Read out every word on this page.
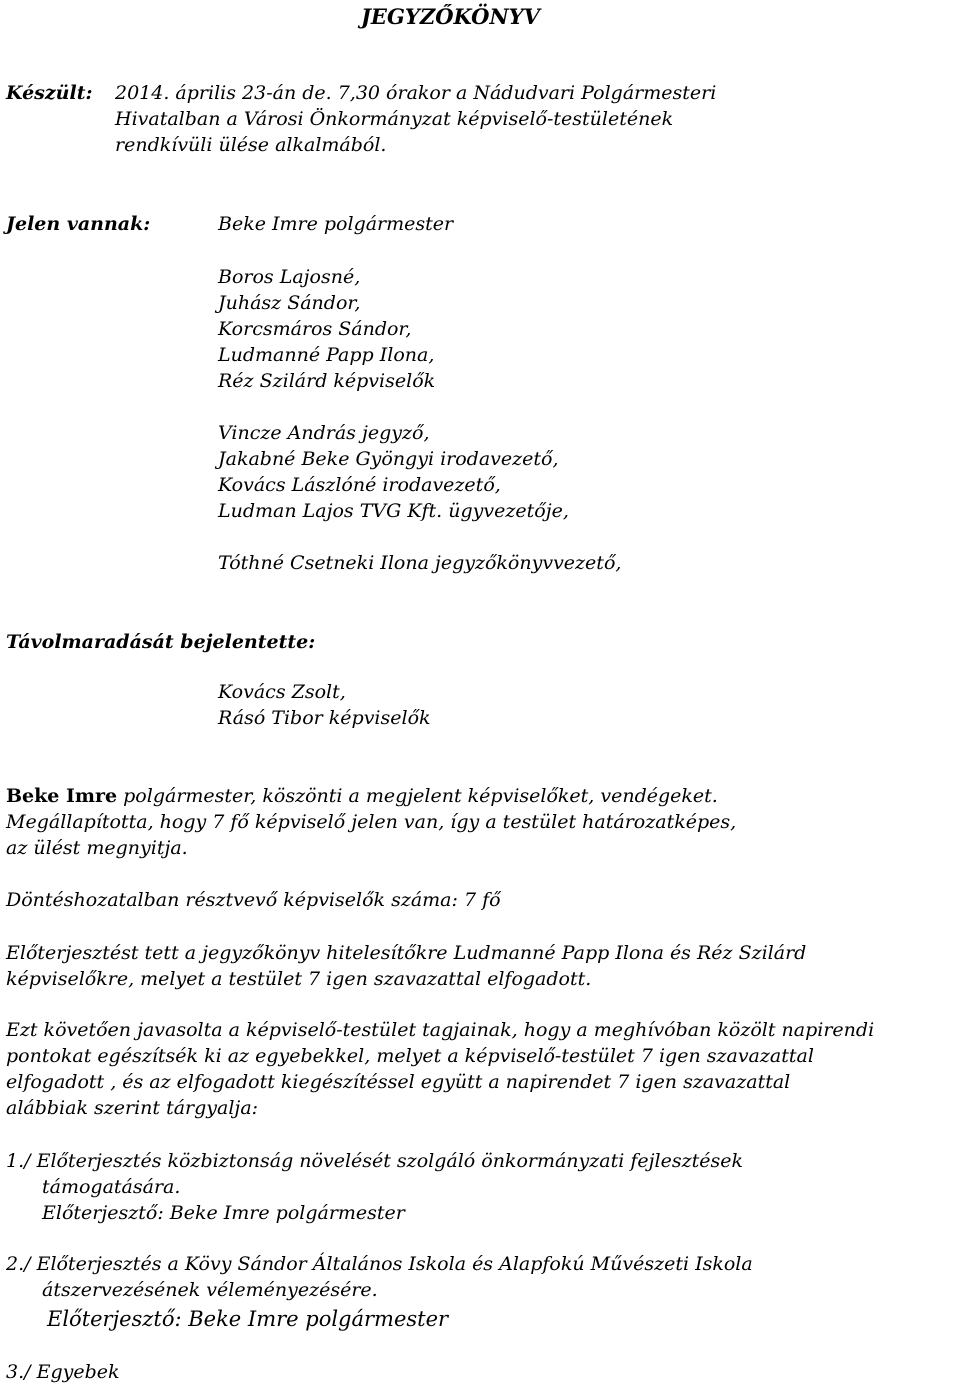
JEGYZŐKÖNYV
Készült: 2014. április 23-án de. 7,30 órakor a Nádudvari Polgármesteri
Hivatalban a Városi Önkormányzat képviselő-testületének
rendkívüli ülése alkalmából.
Jelen vannak:	Beke Imre polgármester
Boros Lajosné,
Juhász Sándor,
Korcsmáros Sándor,
Ludmanné Papp Ilona,
Réz Szilárd képviselők
Vincze András jegyző,
Jakabné Beke Gyöngyi irodavezető,
Kovács Lászlóné irodavezető,
Ludman Lajos TVG Kft. ügyvezetője,
Tóthné Csetneki Ilona jegyzőkönyvvezető,
Távolmaradását bejelentette:
Kovács Zsolt,
Rásó Tibor képviselők
Beke Imre polgármester, köszönti a megjelent képviselőket, vendégeket.
Megállapította, hogy 7 fő képviselő jelen van, így a testület határozatképes,
az ülést megnyitja.
Döntéshozatalban résztvevő képviselők száma: 7 fő
Előterjesztést tett a jegyzőkönyv hitelesítőkre Ludmanné Papp Ilona és Réz Szilárd
képviselőkre, melyet a testület 7 igen szavazattal elfogadott.
Ezt követően javasolta a képviselő-testület tagjainak, hogy a meghívóban közölt napirendi
pontokat egészítsék ki az egyebekkel, melyet a képviselő-testület 7 igen szavazattal
elfogadott , és az elfogadott kiegészítéssel együtt a napirendet 7 igen szavazattal
alábbiak szerint tárgyalja:
1./ Előterjesztés közbiztonság növelését szolgáló önkormányzati fejlesztések
támogatására.
Előterjesztő: Beke Imre polgármester
2./ Előterjesztés a Kövy Sándor Általános Iskola és Alapfokú Művészeti Iskola
átszervezésének véleményezésére.
Előterjesztő: Beke Imre polgármester
3./ Egyebek
